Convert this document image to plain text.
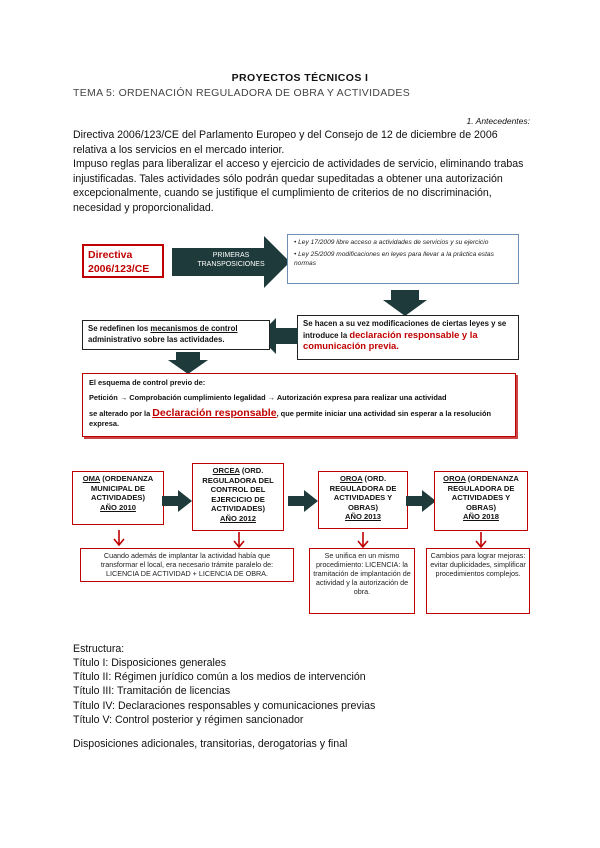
PROYECTOS TÉCNICOS I
TEMA 5: ORDENACIÓN REGULADORA DE OBRA Y ACTIVIDADES
1. Antecedentes:
Directiva 2006/123/CE del Parlamento Europeo y del Consejo de 12 de diciembre de 2006 relativa a los servicios en el mercado interior.
Impuso reglas para liberalizar el acceso y ejercicio de actividades de servicio, eliminando trabas injustificadas. Tales actividades sólo podrán quedar supeditadas a obtener una autorización excepcionalmente, cuando se justifique el cumplimiento de criterios de no discriminación, necesidad y proporcionalidad.
Directiva 2006/123/CE
PRIMERAS TRANSPOSICIONES
• Ley 17/2009 libre acceso a actividades de servicios y su ejercicio
• Ley 25/2009 modificaciones en leyes para llevar a la práctica estas normas
Se hacen a su vez modificaciones de ciertas leyes y se introduce la declaración responsable y la comunicación previa.
Se redefinen los mecanismos de control administrativo sobre las actividades.
El esquema de control previo de:
Petición → Comprobación cumplimiento legalidad → Autorización expresa para realizar una actividad
se alterado por la Declaración responsable, que permite iniciar una actividad sin esperar a la resolución expresa.
OMA (ORDENANZA MUNICIPAL DE ACTIVIDADES)
AÑO 2010
ORCEA (ORD. REGULADORA DEL CONTROL DEL EJERCICIO DE ACTIVIDADES)
AÑO 2012
OROA (ORD. REGULADORA DE ACTIVIDADES Y OBRAS)
AÑO 2013
OROA (ORDENANZA REGULADORA DE ACTIVIDADES Y OBRAS)
AÑO 2018
Cuando además de implantar la actividad había que transformar el local, era necesario trámite paralelo de: LICENCIA DE ACTIVIDAD + LICENCIA DE OBRA.
Se unifica en un mismo procedimiento: LICENCIA: la tramitación de implantación de actividad y la autorización de obra.
Cambios para lograr mejoras: evitar duplicidades, simplificar procedimientos complejos.
Estructura:
Título I: Disposiciones generales
Título II: Régimen jurídico común a los medios de intervención
Título III: Tramitación de licencias
Título IV: Declaraciones responsables y comunicaciones previas
Título V: Control posterior y régimen sancionador
Disposiciones adicionales, transitorias, derogatorias y final
